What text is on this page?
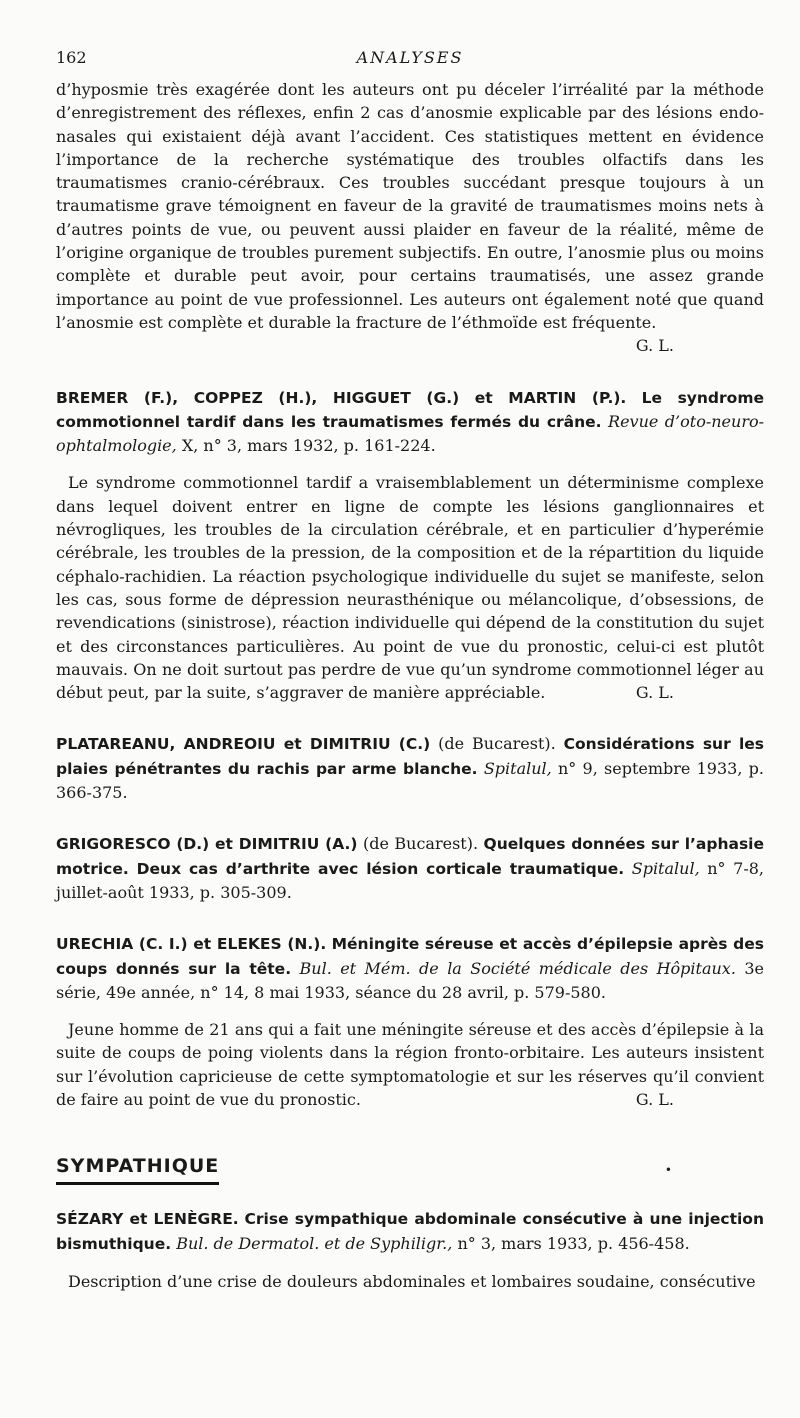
162	ANALYSES

d’hyposmie très exagérée dont les auteurs ont pu déceler l’irréalité par la méthode d’enregistrement des réflexes, enfin 2 cas d’anosmie explicable par des lésions endo-nasales qui existaient déjà avant l’accident. Ces statistiques mettent en évidence l’importance de la recherche systématique des troubles olfactifs dans les traumatismes cranio-cérébraux. Ces troubles succédant presque toujours à un traumatisme grave témoignent en faveur de la gravité de traumatismes moins nets à d’autres points de vue, ou peuvent aussi plaider en faveur de la réalité, même de l’origine organique de troubles purement subjectifs. En outre, l’anosmie plus ou moins complète et durable peut avoir, pour certains traumatisés, une assez grande importance au point de vue professionnel. Les auteurs ont également noté que quand l’anosmie est complète et durable la fracture de l’éthmoïde est fréquente.
G. L.

BREMER (F.), COPPEZ (H.), HIGGUET (G.) et MARTIN (P.). Le syndrome commotionnel tardif dans les traumatismes fermés du crâne. Revue d’oto-neuro-ophtalmologie, X, n° 3, mars 1932, p. 161-224.

Le syndrome commotionnel tardif a vraisemblablement un déterminisme complexe dans lequel doivent entrer en ligne de compte les lésions ganglionnaires et névrogliques, les troubles de la circulation cérébrale, et en particulier d’hyperémie cérébrale, les troubles de la pression, de la composition et de la répartition du liquide céphalo-rachidien. La réaction psychologique individuelle du sujet se manifeste, selon les cas, sous forme de dépression neurasthénique ou mélancolique, d’obsessions, de revendications (sinistrose), réaction individuelle qui dépend de la constitution du sujet et des circonstances particulières. Au point de vue du pronostic, celui-ci est plutôt mauvais. On ne doit surtout pas perdre de vue qu’un syndrome commotionnel léger au début peut, par la suite, s’aggraver de manière appréciable.	G. L.

PLATAREANU, ANDREOIU et DIMITRIU (C.) (de Bucarest). Considérations sur les plaies pénétrantes du rachis par arme blanche. Spitalul, n° 9, septembre 1933, p. 366-375.

GRIGORESCO (D.) et DIMITRIU (A.) (de Bucarest). Quelques données sur l’aphasie motrice. Deux cas d’arthrite avec lésion corticale traumatique. Spitalul, n° 7-8, juillet-août 1933, p. 305-309.

URECHIA (C. I.) et ELEKES (N.). Méningite séreuse et accès d’épilepsie après des coups donnés sur la tête. Bul. et Mém. de la Société médicale des Hôpitaux. 3e série, 49e année, n° 14, 8 mai 1933, séance du 28 avril, p. 579-580.

Jeune homme de 21 ans qui a fait une méningite séreuse et des accès d’épilepsie à la suite de coups de poing violents dans la région fronto-orbitaire. Les auteurs insistent sur l’évolution capricieuse de cette symptomatologie et sur les réserves qu’il convient de faire au point de vue du pronostic.	G. L.

SYMPATHIQUE	•

SÉZARY et LENÈGRE. Crise sympathique abdominale consécutive à une injection bismuthique. Bul. de Dermatol. et de Syphiligr., n° 3, mars 1933, p. 456-458.

Description d’une crise de douleurs abdominales et lombaires soudaine, consécutive
